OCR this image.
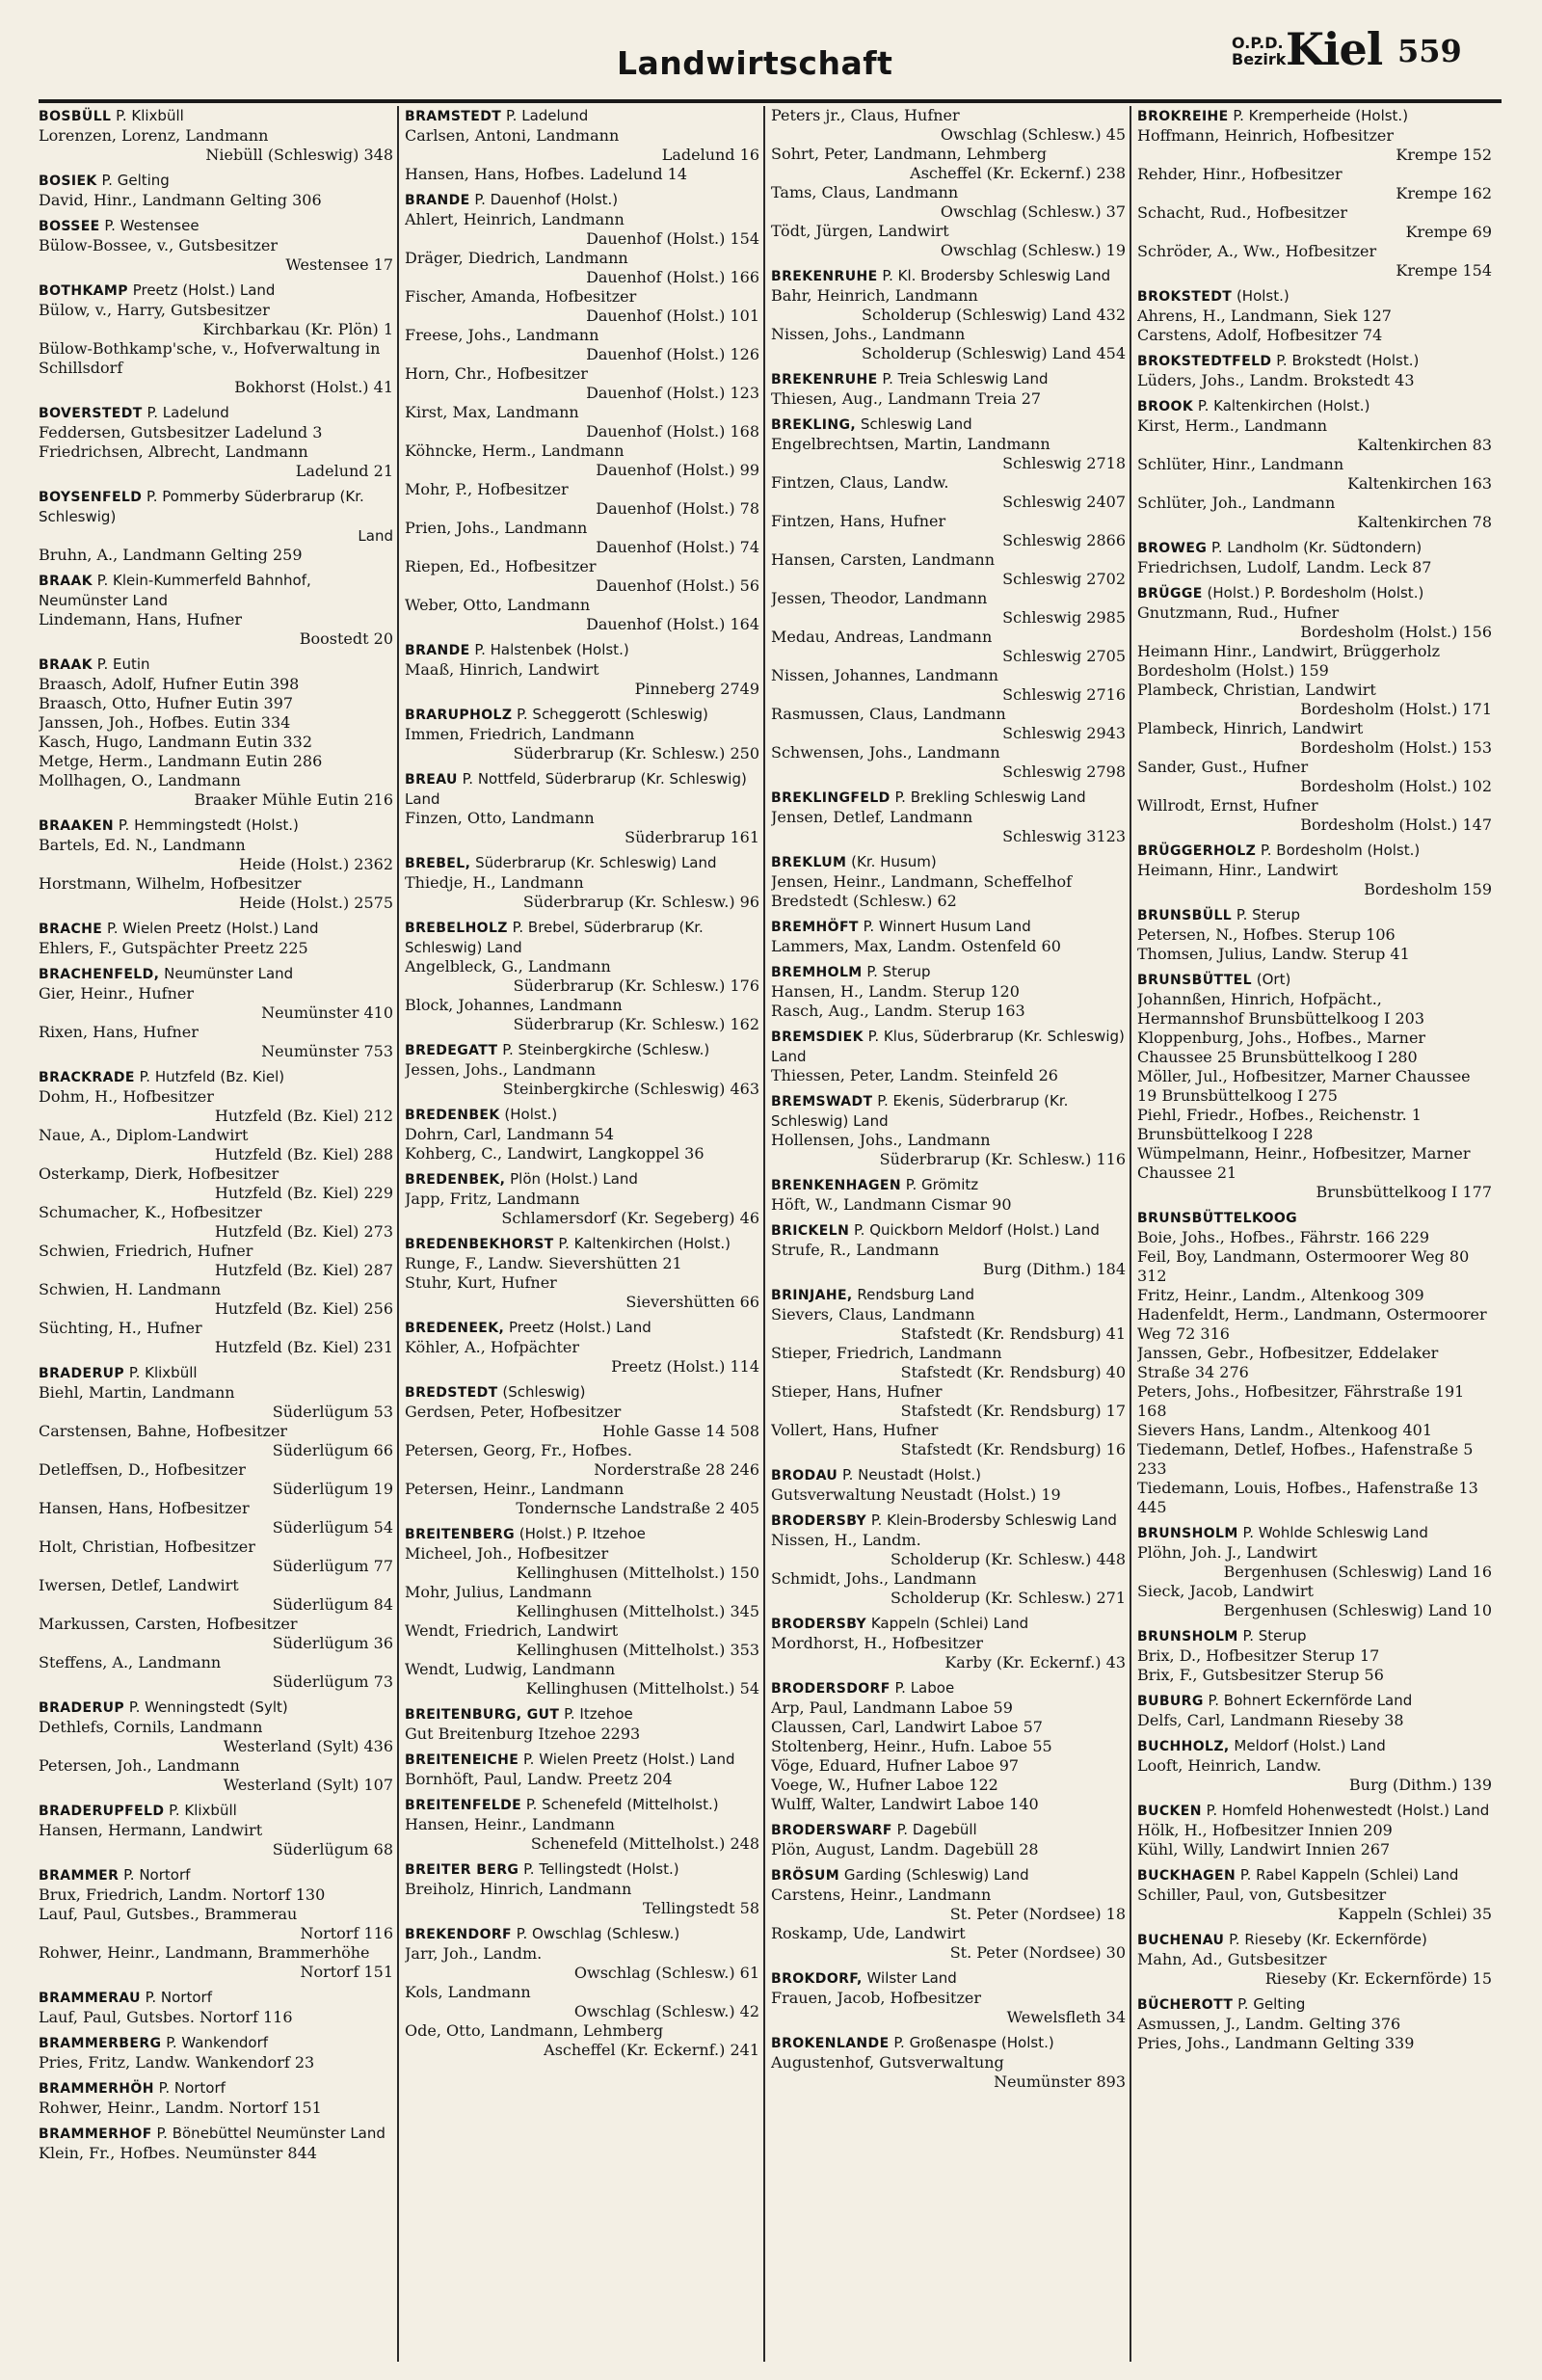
Landwirtschaft
O.P.D.
Bezirk Kiel 559
BOSBÜLL P. Klixbüll
Lorenzen, Lorenz, Landmann
Niebüll (Schleswig) 348
BOSIEK P. Gelting
David, Hinr., Landmann Gelting 306
BOSSEE P. Westensee
Bülow-Bossee, v., Gutsbesitzer
Westensee 17
BOTHKAMP Preetz (Holst.) Land
Bülow, v., Harry, Gutsbesitzer
Kirchbarkau (Kr. Plön) 1
Bülow-Bothkamp'sche, v., Hofverwaltung in Schillsdorf
Bokhorst (Holst.) 41
BOVERSTEDT P. Ladelund
Feddersen, Gutsbesitzer Ladelund 3
Friedrichsen, Albrecht, Landmann
Ladelund 21
BOYSENFELD P. Pommerby Süderbrarup (Kr. Schleswig)
Land
Bruhn, A., Landmann Gelting 259
BRAAK P. Klein-Kummerfeld Bahnhof, Neumünster Land
Lindemann, Hans, Hufner
Boostedt 20
BRAAK P. Eutin
Braasch, Adolf, Hufner Eutin 398
Braasch, Otto, Hufner Eutin 397
Janssen, Joh., Hofbes. Eutin 334
Kasch, Hugo, Landmann Eutin 332
Metge, Herm., Landmann Eutin 286
Mollhagen, O., Landmann
Braaker Mühle Eutin 216
BRAAKEN P. Hemmingstedt (Holst.)
Bartels, Ed. N., Landmann
Heide (Holst.) 2362
Horstmann, Wilhelm, Hofbesitzer
Heide (Holst.) 2575
BRACHE P. Wielen Preetz (Holst.) Land
Ehlers, F., Gutspächter Preetz 225
BRACHENFELD, Neumünster Land
Gier, Heinr., Hufner
Neumünster 410
Rixen, Hans, Hufner
Neumünster 753
BRACKRADE P. Hutzfeld (Bz. Kiel)
Dohm, H., Hofbesitzer
Hutzfeld (Bz. Kiel) 212
Naue, A., Diplom-Landwirt
Hutzfeld (Bz. Kiel) 288
Osterkamp, Dierk, Hofbesitzer
Hutzfeld (Bz. Kiel) 229
Schumacher, K., Hofbesitzer
Hutzfeld (Bz. Kiel) 273
Schwien, Friedrich, Hufner
Hutzfeld (Bz. Kiel) 287
Schwien, H. Landmann
Hutzfeld (Bz. Kiel) 256
Süchting, H., Hufner
Hutzfeld (Bz. Kiel) 231
BRADERUP P. Klixbüll
Biehl, Martin, Landmann
Süderlügum 53
Carstensen, Bahne, Hofbesitzer
Süderlügum 66
Detleffsen, D., Hofbesitzer
Süderlügum 19
Hansen, Hans, Hofbesitzer
Süderlügum 54
Holt, Christian, Hofbesitzer
Süderlügum 77
Iwersen, Detlef, Landwirt
Süderlügum 84
Markussen, Carsten, Hofbesitzer
Süderlügum 36
Steffens, A., Landmann
Süderlügum 73
BRADERUP P. Wenningstedt (Sylt)
Dethlefs, Cornils, Landmann
Westerland (Sylt) 436
Petersen, Joh., Landmann
Westerland (Sylt) 107
BRADERUPFELD P. Klixbüll
Hansen, Hermann, Landwirt
Süderlügum 68
BRAMMER P. Nortorf
Brux, Friedrich, Landm. Nortorf 130
Lauf, Paul, Gutsbes., Brammerau
Nortorf 116
Rohwer, Heinr., Landmann, Brammerhöhe
Nortorf 151
BRAMMERAU P. Nortorf
Lauf, Paul, Gutsbes. Nortorf 116
BRAMMERBERG P. Wankendorf
Pries, Fritz, Landw. Wankendorf 23
BRAMMERHÖH P. Nortorf
Rohwer, Heinr., Landm. Nortorf 151
BRAMMERHOF P. Bönebüttel Neumünster Land
Klein, Fr., Hofbes. Neumünster 844
BRAMSTEDT P. Ladelund
Carlsen, Antoni, Landmann
Ladelund 16
Hansen, Hans, Hofbes. Ladelund 14
BRANDE P. Dauenhof (Holst.)
Ahlert, Heinrich, Landmann
Dauenhof (Holst.) 154
Dräger, Diedrich, Landmann
Dauenhof (Holst.) 166
Fischer, Amanda, Hofbesitzer
Dauenhof (Holst.) 101
Freese, Johs., Landmann
Dauenhof (Holst.) 126
Horn, Chr., Hofbesitzer
Dauenhof (Holst.) 123
Kirst, Max, Landmann
Dauenhof (Holst.) 168
Köhncke, Herm., Landmann
Dauenhof (Holst.) 99
Mohr, P., Hofbesitzer
Dauenhof (Holst.) 78
Prien, Johs., Landmann
Dauenhof (Holst.) 74
Riepen, Ed., Hofbesitzer
Dauenhof (Holst.) 56
Weber, Otto, Landmann
Dauenhof (Holst.) 164
BRANDE P. Halstenbek (Holst.)
Maaß, Hinrich, Landwirt
Pinneberg 2749
BRARUPHOLZ P. Scheggerott (Schleswig)
Immen, Friedrich, Landmann
Süderbrarup (Kr. Schlesw.) 250
BREAU P. Nottfeld, Süderbrarup (Kr. Schleswig) Land
Finzen, Otto, Landmann
Süderbrarup 161
BREBEL, Süderbrarup (Kr. Schleswig) Land
Thiedje, H., Landmann
Süderbrarup (Kr. Schlesw.) 96
BREBELHOLZ P. Brebel, Süderbrarup (Kr. Schleswig) Land
Angelbleck, G., Landmann
Süderbrarup (Kr. Schlesw.) 176
Block, Johannes, Landmann
Süderbrarup (Kr. Schlesw.) 162
BREDEGATT P. Steinbergkirche (Schlesw.)
Jessen, Johs., Landmann
Steinbergkirche (Schleswig) 463
BREDENBEK (Holst.)
Dohrn, Carl, Landmann 54
Kohberg, C., Landwirt, Langkoppel 36
BREDENBEK, Plön (Holst.) Land
Japp, Fritz, Landmann
Schlamersdorf (Kr. Segeberg) 46
BREDENBEKHORST P. Kaltenkirchen (Holst.)
Runge, F., Landw. Sievershütten 21
Stuhr, Kurt, Hufner
Sievershütten 66
BREDENEEK, Preetz (Holst.) Land
Köhler, A., Hofpächter
Preetz (Holst.) 114
BREDSTEDT (Schleswig)
Gerdsen, Peter, Hofbesitzer
Hohle Gasse 14 508
Petersen, Georg, Fr., Hofbes.
Norderstraße 28 246
Petersen, Heinr., Landmann
Tondernsche Landstraße 2 405
BREITENBERG (Holst.) P. Itzehoe
Micheel, Joh., Hofbesitzer
Kellinghusen (Mittelholst.) 150
Mohr, Julius, Landmann
Kellinghusen (Mittelholst.) 345
Wendt, Friedrich, Landwirt
Kellinghusen (Mittelholst.) 353
Wendt, Ludwig, Landmann
Kellinghusen (Mittelholst.) 54
BREITENBURG, GUT P. Itzehoe
Gut Breitenburg Itzehoe 2293
BREITENEICHE P. Wielen Preetz (Holst.) Land
Bornhöft, Paul, Landw. Preetz 204
BREITENFELDE P. Schenefeld (Mittelholst.)
Hansen, Heinr., Landmann
Schenefeld (Mittelholst.) 248
BREITER BERG P. Tellingstedt (Holst.)
Breiholz, Hinrich, Landmann
Tellingstedt 58
BREKENDORF P. Owschlag (Schlesw.)
Jarr, Joh., Landm.
Owschlag (Schlesw.) 61
Kols, Landmann
Owschlag (Schlesw.) 42
Ode, Otto, Landmann, Lehmberg
Ascheffel (Kr. Eckernf.) 241
Peters jr., Claus, Hufner
Owschlag (Schlesw.) 45
Sohrt, Peter, Landmann, Lehmberg
Ascheffel (Kr. Eckernf.) 238
Tams, Claus, Landmann
Owschlag (Schlesw.) 37
Tödt, Jürgen, Landwirt
Owschlag (Schlesw.) 19
BREKENRUHE P. Kl. Brodersby Schleswig Land
Bahr, Heinrich, Landmann
Scholderup (Schleswig) Land 432
Nissen, Johs., Landmann
Scholderup (Schleswig) Land 454
BREKENRUHE P. Treia Schleswig Land
Thiesen, Aug., Landmann Treia 27
BREKLING, Schleswig Land
Engelbrechtsen, Martin, Landmann
Schleswig 2718
Fintzen, Claus, Landw.
Schleswig 2407
Fintzen, Hans, Hufner
Schleswig 2866
Hansen, Carsten, Landmann
Schleswig 2702
Jessen, Theodor, Landmann
Schleswig 2985
Medau, Andreas, Landmann
Schleswig 2705
Nissen, Johannes, Landmann
Schleswig 2716
Rasmussen, Claus, Landmann
Schleswig 2943
Schwensen, Johs., Landmann
Schleswig 2798
BREKLINGFELD P. Brekling Schleswig Land
Jensen, Detlef, Landmann
Schleswig 3123
BREKLUM (Kr. Husum)
Jensen, Heinr., Landmann, Scheffelhof Bredstedt (Schlesw.) 62
BREMHÖFT P. Winnert Husum Land
Lammers, Max, Landm. Ostenfeld 60
BREMHOLM P. Sterup
Hansen, H., Landm. Sterup 120
Rasch, Aug., Landm. Sterup 163
BREMSDIEK P. Klus, Süderbrarup (Kr. Schleswig) Land
Thiessen, Peter, Landm. Steinfeld 26
BREMSWADT P. Ekenis, Süderbrarup (Kr. Schleswig) Land
Hollensen, Johs., Landmann
Süderbrarup (Kr. Schlesw.) 116
BRENKENHAGEN P. Grömitz
Höft, W., Landmann Cismar 90
BRICKELN P. Quickborn Meldorf (Holst.) Land
Strufe, R., Landmann
Burg (Dithm.) 184
BRINJAHE, Rendsburg Land
Sievers, Claus, Landmann
Stafstedt (Kr. Rendsburg) 41
Stieper, Friedrich, Landmann
Stafstedt (Kr. Rendsburg) 40
Stieper, Hans, Hufner
Stafstedt (Kr. Rendsburg) 17
Vollert, Hans, Hufner
Stafstedt (Kr. Rendsburg) 16
BRODAU P. Neustadt (Holst.)
Gutsverwaltung Neustadt (Holst.) 19
BRODERSBY P. Klein-Brodersby Schleswig Land
Nissen, H., Landm.
Scholderup (Kr. Schlesw.) 448
Schmidt, Johs., Landmann
Scholderup (Kr. Schlesw.) 271
BRODERSBY Kappeln (Schlei) Land
Mordhorst, H., Hofbesitzer
Karby (Kr. Eckernf.) 43
BRODERSDORF P. Laboe
Arp, Paul, Landmann Laboe 59
Claussen, Carl, Landwirt Laboe 57
Stoltenberg, Heinr., Hufn. Laboe 55
Vöge, Eduard, Hufner Laboe 97
Voege, W., Hufner Laboe 122
Wulff, Walter, Landwirt Laboe 140
BRODERSWARF P. Dagebüll
Plön, August, Landm. Dagebüll 28
BRÖSUM Garding (Schleswig) Land
Carstens, Heinr., Landmann
St. Peter (Nordsee) 18
Roskamp, Ude, Landwirt
St. Peter (Nordsee) 30
BROKDORF, Wilster Land
Frauen, Jacob, Hofbesitzer
Wewelsfleth 34
BROKENLANDE P. Großenaspe (Holst.)
Augustenhof, Gutsverwaltung
Neumünster 893
BROKREIHE P. Kremperheide (Holst.)
Hoffmann, Heinrich, Hofbesitzer
Krempe 152
Rehder, Hinr., Hofbesitzer
Krempe 162
Schacht, Rud., Hofbesitzer
Krempe 69
Schröder, A., Ww., Hofbesitzer
Krempe 154
BROKSTEDT (Holst.)
Ahrens, H., Landmann, Siek 127
Carstens, Adolf, Hofbesitzer 74
BROKSTEDTFELD P. Brokstedt (Holst.)
Lüders, Johs., Landm. Brokstedt 43
BROOK P. Kaltenkirchen (Holst.)
Kirst, Herm., Landmann
Kaltenkirchen 83
Schlüter, Hinr., Landmann
Kaltenkirchen 163
Schlüter, Joh., Landmann
Kaltenkirchen 78
BROWEG P. Landholm (Kr. Südtondern)
Friedrichsen, Ludolf, Landm. Leck 87
BRÜGGE (Holst.) P. Bordesholm (Holst.)
Gnutzmann, Rud., Hufner
Bordesholm (Holst.) 156
Heimann Hinr., Landwirt, Brüggerholz Bordesholm (Holst.) 159
Plambeck, Christian, Landwirt
Bordesholm (Holst.) 171
Plambeck, Hinrich, Landwirt
Bordesholm (Holst.) 153
Sander, Gust., Hufner
Bordesholm (Holst.) 102
Willrodt, Ernst, Hufner
Bordesholm (Holst.) 147
BRÜGGERHOLZ P. Bordesholm (Holst.)
Heimann, Hinr., Landwirt
Bordesholm 159
BRUNSBÜLL P. Sterup
Petersen, N., Hofbes. Sterup 106
Thomsen, Julius, Landw. Sterup 41
BRUNSBÜTTEL (Ort)
Johannßen, Hinrich, Hofpächt., Hermannshof Brunsbüttelkoog I 203
Kloppenburg, Johs., Hofbes., Marner Chaussee 25 Brunsbüttelkoog I 280
Möller, Jul., Hofbesitzer, Marner Chaussee 19 Brunsbüttelkoog I 275
Piehl, Friedr., Hofbes., Reichenstr. 1 Brunsbüttelkoog I 228
Wümpelmann, Heinr., Hofbesitzer, Marner Chaussee 21
Brunsbüttelkoog I 177
BRUNSBÜTTELKOOG
Boie, Johs., Hofbes., Fährstr. 166 229
Feil, Boy, Landmann, Ostermoorer Weg 80 312
Fritz, Heinr., Landm., Altenkoog 309
Hadenfeldt, Herm., Landmann, Ostermoorer Weg 72 316
Janssen, Gebr., Hofbesitzer, Eddelaker Straße 34 276
Peters, Johs., Hofbesitzer, Fährstraße 191 168
Sievers Hans, Landm., Altenkoog 401
Tiedemann, Detlef, Hofbes., Hafenstraße 5 233
Tiedemann, Louis, Hofbes., Hafenstraße 13 445
BRUNSHOLM P. Wohlde Schleswig Land
Plöhn, Joh. J., Landwirt
Bergenhusen (Schleswig) Land 16
Sieck, Jacob, Landwirt
Bergenhusen (Schleswig) Land 10
BRUNSHOLM P. Sterup
Brix, D., Hofbesitzer Sterup 17
Brix, F., Gutsbesitzer Sterup 56
BUBURG P. Bohnert Eckernförde Land
Delfs, Carl, Landmann Rieseby 38
BUCHHOLZ, Meldorf (Holst.) Land
Looft, Heinrich, Landw.
Burg (Dithm.) 139
BUCKEN P. Homfeld Hohenwestedt (Holst.) Land
Hölk, H., Hofbesitzer Innien 209
Kühl, Willy, Landwirt Innien 267
BUCKHAGEN P. Rabel Kappeln (Schlei) Land
Schiller, Paul, von, Gutsbesitzer
Kappeln (Schlei) 35
BUCHENAU P. Rieseby (Kr. Eckernförde)
Mahn, Ad., Gutsbesitzer
Rieseby (Kr. Eckernförde) 15
BÜCHEROTT P. Gelting
Asmussen, J., Landm. Gelting 376
Pries, Johs., Landmann Gelting 339
